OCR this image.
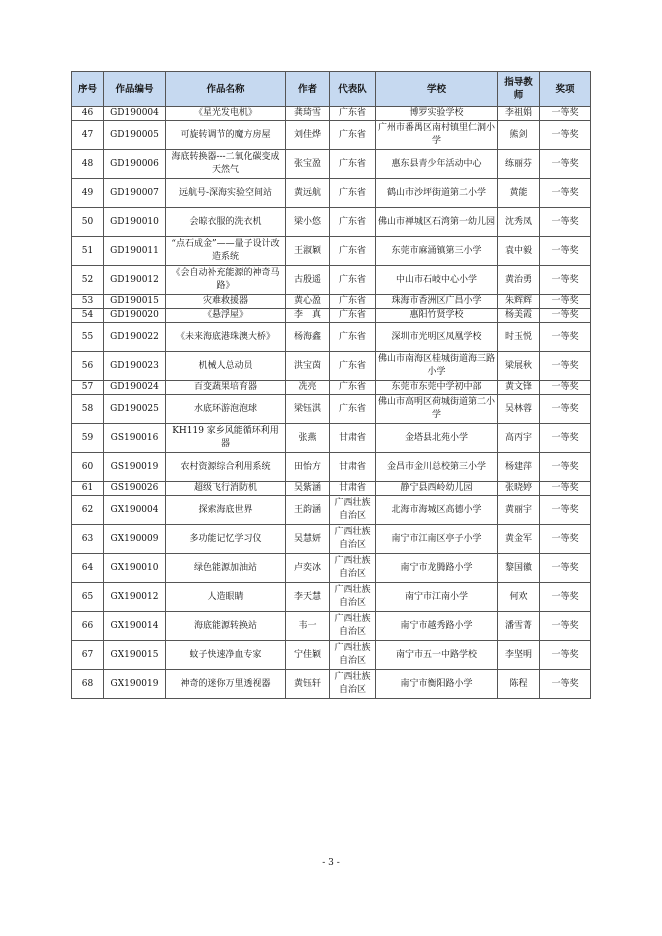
序号	作品编号	作品名称	作者	代表队	学校	指导教师	奖项
46	GD190004	《星光发电机》	龚琦雪	广东省	博罗实验学校	李祖娟	一等奖
47	GD190005	可旋转调节的魔方房屋	刘佳烨	广东省	广州市番禺区南村镇里仁洞小学	熊剑	一等奖
48	GD190006	海底转换器---二氧化碳变成天然气	张宝盈	广东省	惠东县青少年活动中心	练丽芬	一等奖
49	GD190007	远航号-深海实验空间站	黄远航	广东省	鹤山市沙坪街道第二小学	黄能	一等奖
50	GD190010	会晾衣服的洗衣机	梁小悠	广东省	佛山市禅城区石湾第一幼儿园	沈秀凤	一等奖
51	GD190011	“点石成金”——量子设计改造系统	王淑颖	广东省	东莞市麻涌镇第三小学	袁中毅	一等奖
52	GD190012	《会自动补充能源的神奇马路》	古殷遥	广东省	中山市石岐中心小学	黄治勇	一等奖
53	GD190015	灾难救援器	黄心盈	广东省	珠海市香洲区广昌小学	朱辉辉	一等奖
54	GD190020	《悬浮屋》	李　真	广东省	惠阳竹贤学校	杨美霞	一等奖
55	GD190022	《未来海底港珠澳大桥》	杨海鑫	广东省	深圳市光明区凤凰学校	时玉悦	一等奖
56	GD190023	机械人总动员	洪宝茵	广东省	佛山市南海区桂城街道海三路小学	梁展秋	一等奖
57	GD190024	百变蔬果培育器	冼亮	广东省	东莞市东莞中学初中部	黄文锋	一等奖
58	GD190025	水底环游泡泡球	梁钰淇	广东省	佛山市高明区荷城街道第二小学	吴林蓉	一等奖
59	GS190016	KH119 家乡风能循环利用器	张燕	甘肃省	金塔县北苑小学	高丙宇	一等奖
60	GS190019	农村资源综合利用系统	田怡方	甘肃省	金昌市金川总校第三小学	杨建萍	一等奖
61	GS190026	超级飞行消防机	吴紫涵	甘肃省	静宁县西岭幼儿园	张晓婷	一等奖
62	GX190004	探索海底世界	王韵涵	广西壮族自治区	北海市海城区高德小学	黄丽宇	一等奖
63	GX190009	多功能记忆学习仪	吴慧妍	广西壮族自治区	南宁市江南区亭子小学	黄金军	一等奖
64	GX190010	绿色能源加油站	卢奕冰	广西壮族自治区	南宁市龙腾路小学	黎国徽	一等奖
65	GX190012	人造眼睛	李天慧	广西壮族自治区	南宁市江南小学	何欢	一等奖
66	GX190014	海底能源转换站	韦一	广西壮族自治区	南宁市越秀路小学	潘雪菁	一等奖
67	GX190015	蚊子快速净血专家	宁佳颖	广西壮族自治区	南宁市五一中路学校	李坚明	一等奖
68	GX190019	神奇的迷你万里透视器	黄钰轩	广西壮族自治区	南宁市衡阳路小学	陈程	一等奖
- 3 -
